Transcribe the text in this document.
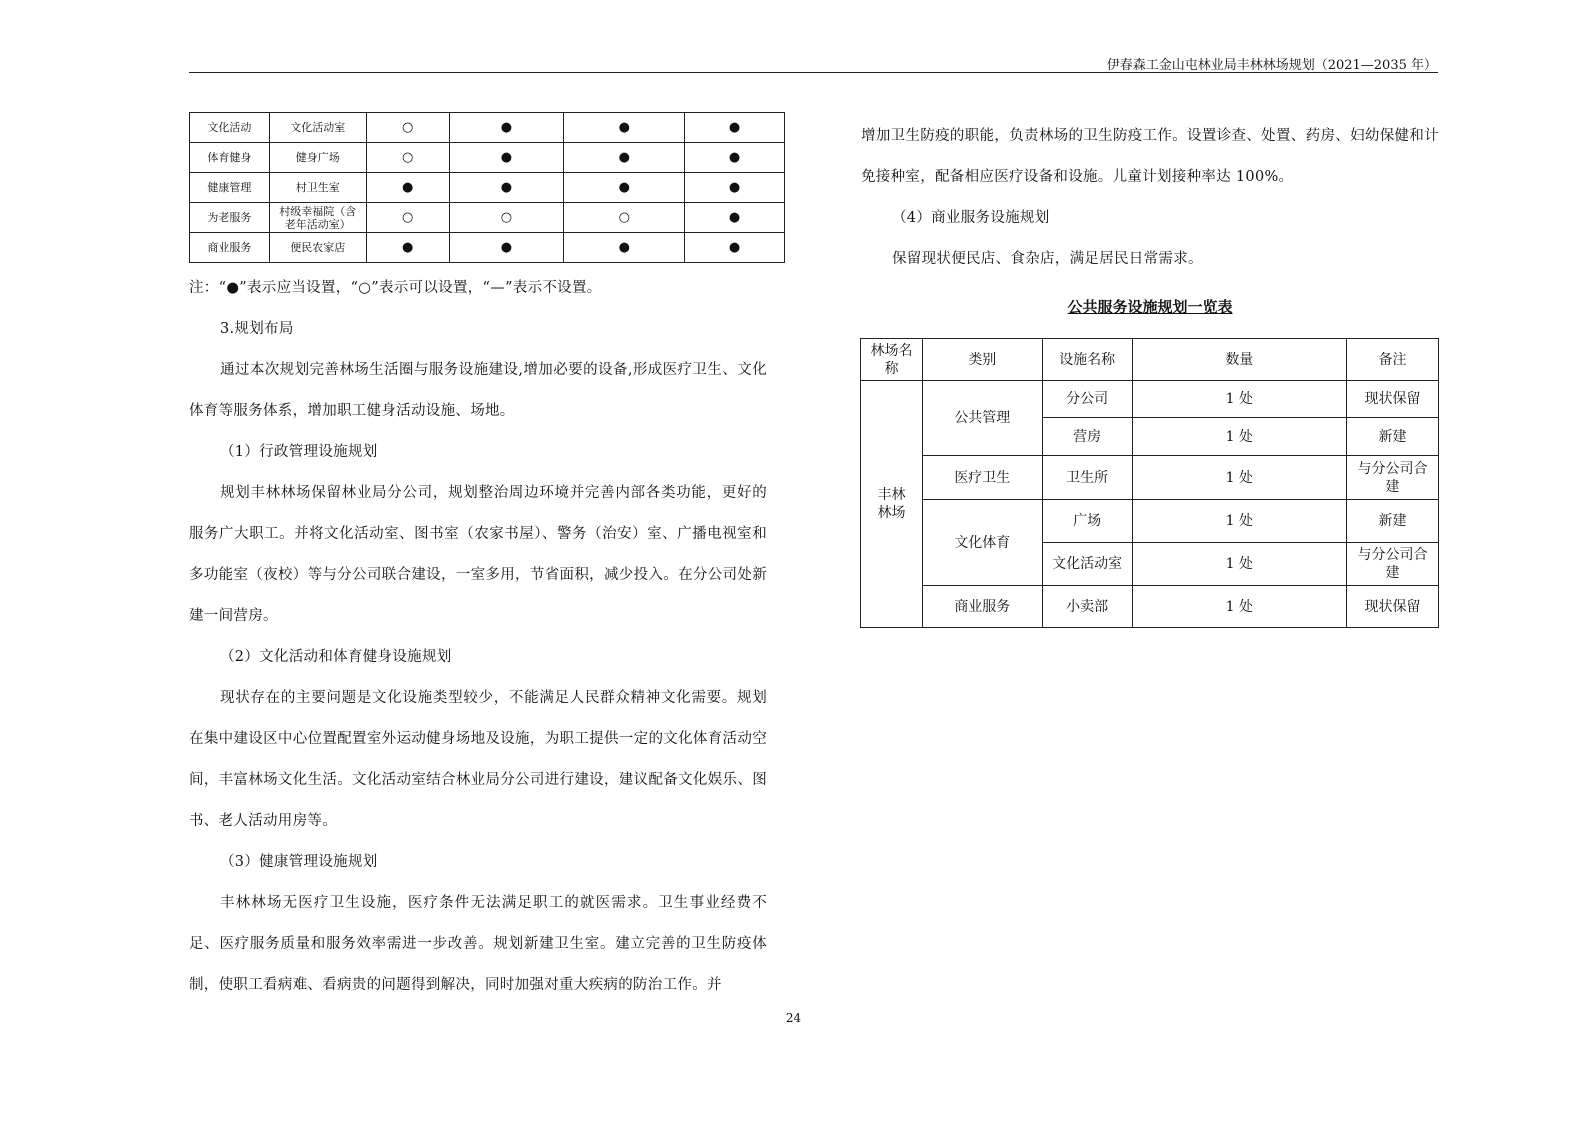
伊春森工金山屯林业局丰林林场规划（2021—2035 年）
文化活动	文化活动室	○	●	●	●
体育健身	健身广场	○	●	●	●
健康管理	村卫生室	●	●	●	●
为老服务	村级幸福院（含老年活动室）	○	○	○	●
商业服务	便民农家店	●	●	●	●

注：“●”表示应当设置，“○”表示可以设置，“—”表示不设置。

3.规划布局

通过本次规划完善林场生活圈与服务设施建设,增加必要的设备,形成医疗卫生、文化体育等服务体系，增加职工健身活动设施、场地。

（1）行政管理设施规划

规划丰林林场保留林业局分公司，规划整治周边环境并完善内部各类功能，更好的服务广大职工。并将文化活动室、图书室（农家书屋）、警务（治安）室、广播电视室和多功能室（夜校）等与分公司联合建设，一室多用，节省面积，减少投入。在分公司处新建一间营房。

（2）文化活动和体育健身设施规划

现状存在的主要问题是文化设施类型较少，不能满足人民群众精神文化需要。规划在集中建设区中心位置配置室外运动健身场地及设施，为职工提供一定的文化体育活动空间，丰富林场文化生活。文化活动室结合林业局分公司进行建设，建议配备文化娱乐、图书、老人活动用房等。

（3）健康管理设施规划

丰林林场无医疗卫生设施，医疗条件无法满足职工的就医需求。卫生事业经费不足、医疗服务质量和服务效率需进一步改善。规划新建卫生室。建立完善的卫生防疫体制，使职工看病难、看病贵的问题得到解决，同时加强对重大疾病的防治工作。并

增加卫生防疫的职能，负责林场的卫生防疫工作。设置诊查、处置、药房、妇幼保健和计免接种室，配备相应医疗设备和设施。儿童计划接种率达 100%。

（4）商业服务设施规划

保留现状便民店、食杂店，满足居民日常需求。

公共服务设施规划一览表
林场名称	类别	设施名称	数量	备注
丰林林场	公共管理	分公司	1 处	现状保留
		营房	1 处	新建
	医疗卫生	卫生所	1 处	与分公司合建
	文化体育	广场	1 处	新建
		文化活动室	1 处	与分公司合建
	商业服务	小卖部	1 处	现状保留
24
